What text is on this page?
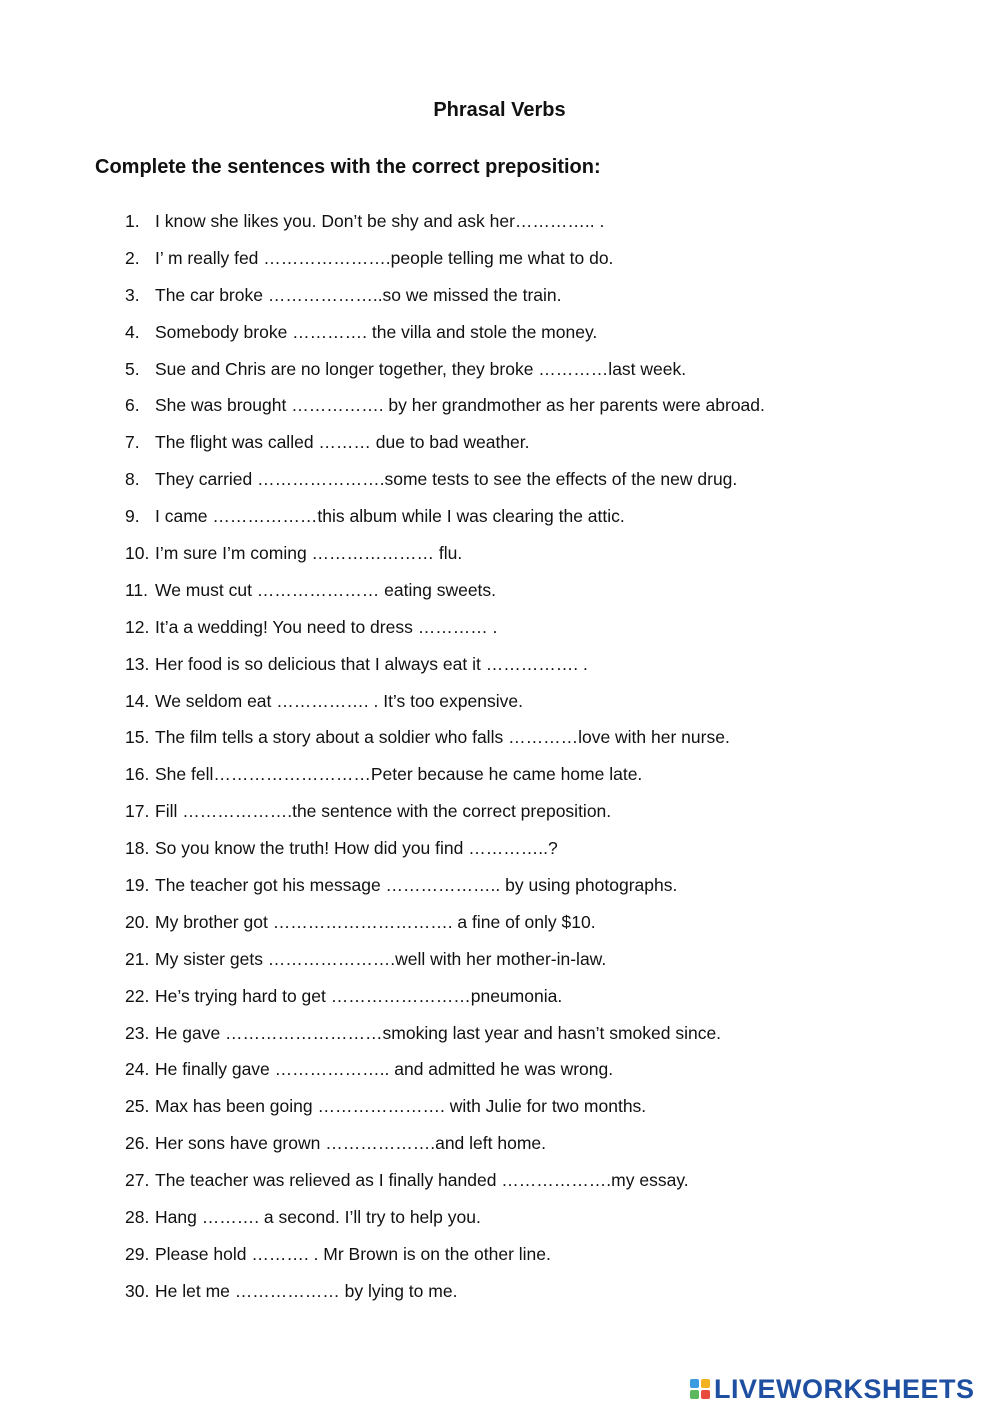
Phrasal Verbs
Complete the sentences with the correct preposition:
1. I know she likes you. Don’t be shy and ask her………….. .
2. I’ m really fed ………………….people telling me what to do.
3. The car broke ………………..so we missed the train.
4. Somebody broke …………. the villa and stole the money.
5. Sue and Chris are no longer together, they broke …………last week.
6. She was brought ……………. by her grandmother as her parents were abroad.
7. The flight was called ……… due to bad weather.
8. They carried ………………….some tests to see the effects of the new drug.
9. I came ………………this album while I was clearing the attic.
10. I’m sure I’m coming ………………… flu.
11. We must cut ………………… eating sweets.
12. It’a a wedding! You need to dress ………… .
13. Her food is so delicious that I always eat it ……………. .
14. We seldom eat ……………. . It’s too expensive.
15. The film tells a story about a soldier who falls …………love with her nurse.
16. She fell………………………Peter because he came home late.
17. Fill ……………….the sentence with the correct preposition.
18. So you know the truth! How did you find …………..?
19. The teacher got his message ……………….. by using photographs.
20. My brother got …………………………. a fine of only $10.
21. My sister gets ………………….well with her mother-in-law.
22. He’s trying hard to get ……………………pneumonia.
23. He gave ………………………smoking last year and hasn’t smoked since.
24. He finally gave ……………….. and admitted he was wrong.
25. Max has been going …………………. with Julie for two months.
26. Her sons have grown ……………….and left home.
27. The teacher was relieved as I finally handed ……………….my essay.
28. Hang ………. a second. I’ll try to help you.
29. Please hold ………. . Mr Brown is on the other line.
30. He let me ……………… by lying to me.
LIVEWORKSHEETS
